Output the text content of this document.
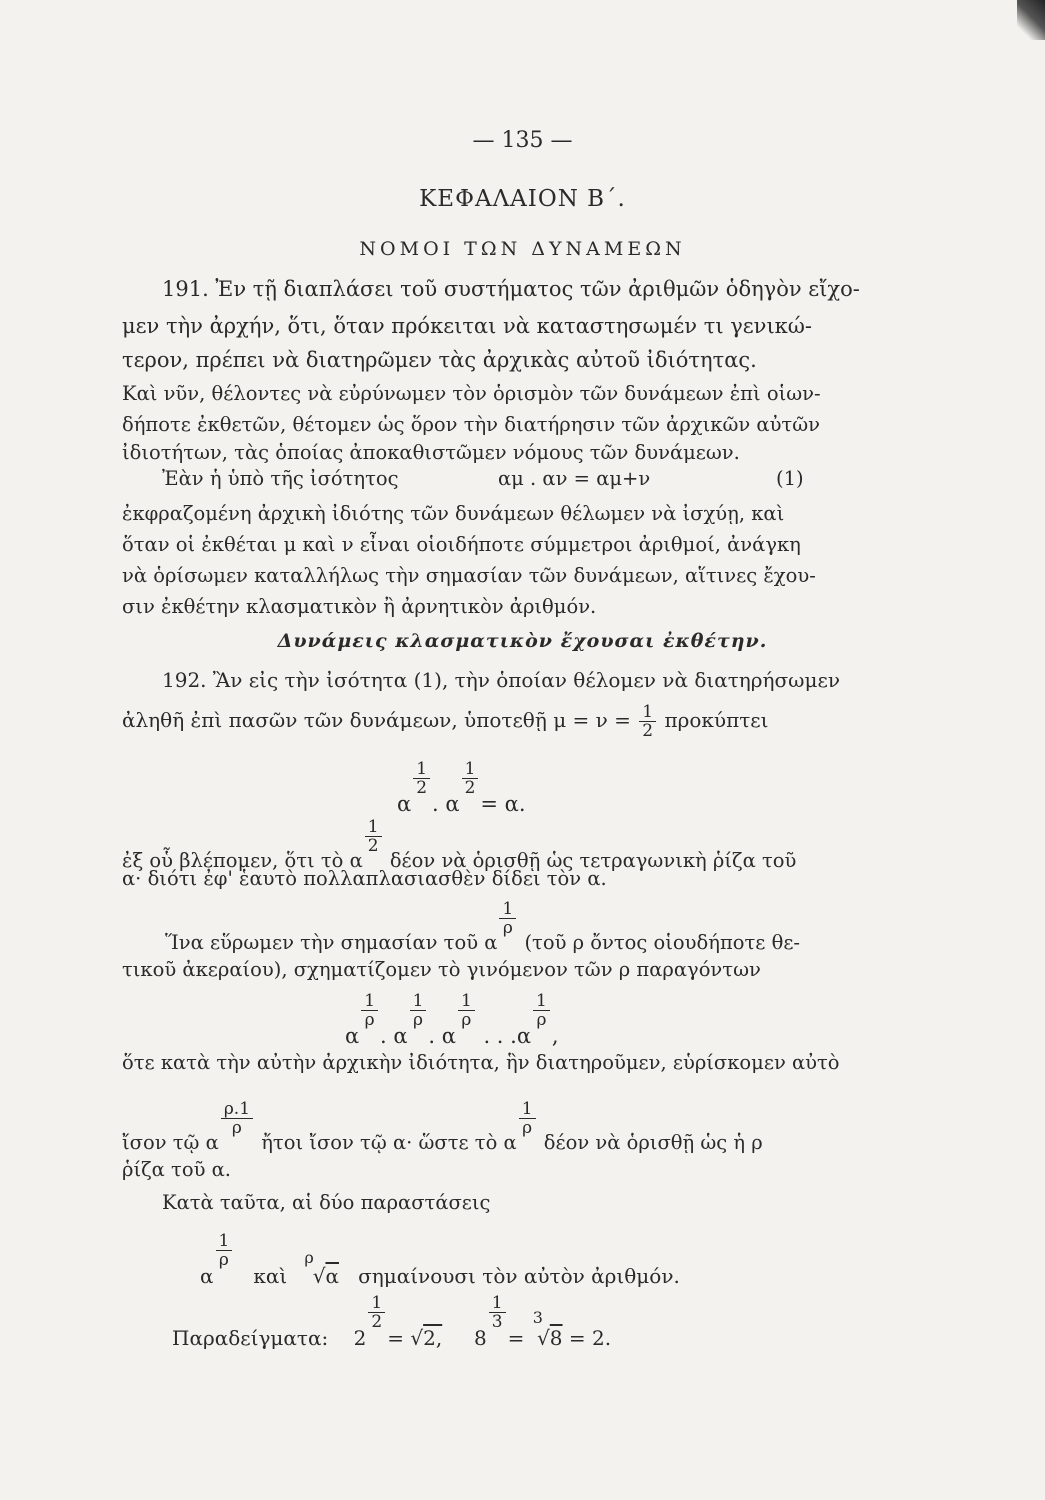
— 135 —
ΚΕΦΑΛΑΙΟΝ Β΄.
ΝΟΜΟΙ ΤΩΝ ΔΥΝΑΜΕΩΝ
191. Ἐν τῇ διαπλάσει τοῦ συστήματος τῶν ἀριθμῶν ὁδηγὸν εἴχο-
μεν τὴν ἀρχήν, ὅτι, ὅταν πρόκειται νὰ καταστησωμέν τι γενικώ-
τερον, πρέπει νὰ διατηρῶμεν τὰς ἀρχικὰς αὐτοῦ ἰδιότητας.
Καὶ νῦν, θέλοντες νὰ εὐρύνωμεν τὸν ὁρισμὸν τῶν δυνάμεων ἐπὶ οἱων-
δήποτε ἐκθετῶν, θέτομεν ὡς ὅρον τὴν διατήρησιν τῶν ἀρχικῶν αὐτῶν
ἰδιοτήτων, τὰς ὁποίας ἀποκαθιστῶμεν νόμους τῶν δυνάμεων.
Ἐὰν ἡ ὑπὸ τῆς ἰσότητος	αμ . αν = αμ+ν	(1)
ἐκφραζομένη ἀρχικὴ ἰδιότης τῶν δυνάμεων θέλωμεν νὰ ἰσχύῃ, καὶ
ὅταν οἱ ἐκθέται μ καὶ ν εἶναι οἱοιδήποτε σύμμετροι ἀριθμοί, ἀνάγκη
νὰ ὁρίσωμεν καταλλήλως τὴν σημασίαν τῶν δυνάμεων, αἵτινες ἔχου-
σιν ἐκθέτην κλασματικὸν ἢ ἀρνητικὸν ἀριθμόν.
Δυνάμεις κλασματικὸν ἔχουσαι ἐκθέτην.
192. Ἂν εἰς τὴν ἰσότητα (1), τὴν ὁποίαν θέλομεν νὰ διατηρήσωμεν
ἀληθῆ ἐπὶ πασῶν τῶν δυνάμεων, ὑποτεθῇ $\mu = \nu = \frac{1}{2}$ προκύπτει
α
$\frac{1}{2}$
. α
$\frac{1}{2}$
= α.
ἐξ οὗ βλέπομεν, ὅτι τὸ α
$\frac{1}{2}$
δέον νὰ ὁρισθῇ ὡς τετραγωνικὴ ῥίζα τοῦ
α· διότι ἐφ' ἑαυτὸ πολλαπλασιασθὲν δίδει τὸν α.
Ἵνα εὕρωμεν τὴν σημασίαν τοῦ α
$\frac{1}{\rho}$
(τοῦ ρ ὄντος οἱουδήποτε θε-
τικοῦ ἀκεραίου), σχηματίζομεν τὸ γινόμενον τῶν ρ παραγόντων
α
$\frac{1}{\rho}$
. α
$\frac{1}{\rho}$
. α
$\frac{1}{\rho}$
. . .α
$\frac{1}{\rho}$
,
ὅτε κατὰ τὴν αὐτὴν ἀρχικὴν ἰδιότητα, ἣν διατηροῦμεν, εὑρίσκομεν αὐτὸ
ἴσον τῷ α
$\frac{\rho.1}{\rho}$
ἤτοι ἴσον τῷ α· ὥστε τὸ α
$\frac{1}{\rho}$
δέον νὰ ὁρισθῇ ὡς ἡ ρ
ῥίζα τοῦ α.
Κατὰ ταῦτα, αἱ δύο παραστάσεις
α
$\frac{1}{\rho}$
καὶ
ρ
√α σημαίνουσι τὸν αὐτὸν ἀριθμόν.
Παραδείγματα: 2
$\frac{1}{2}$
= √2, 8
$\frac{1}{3}$
=
3
√8 = 2.
